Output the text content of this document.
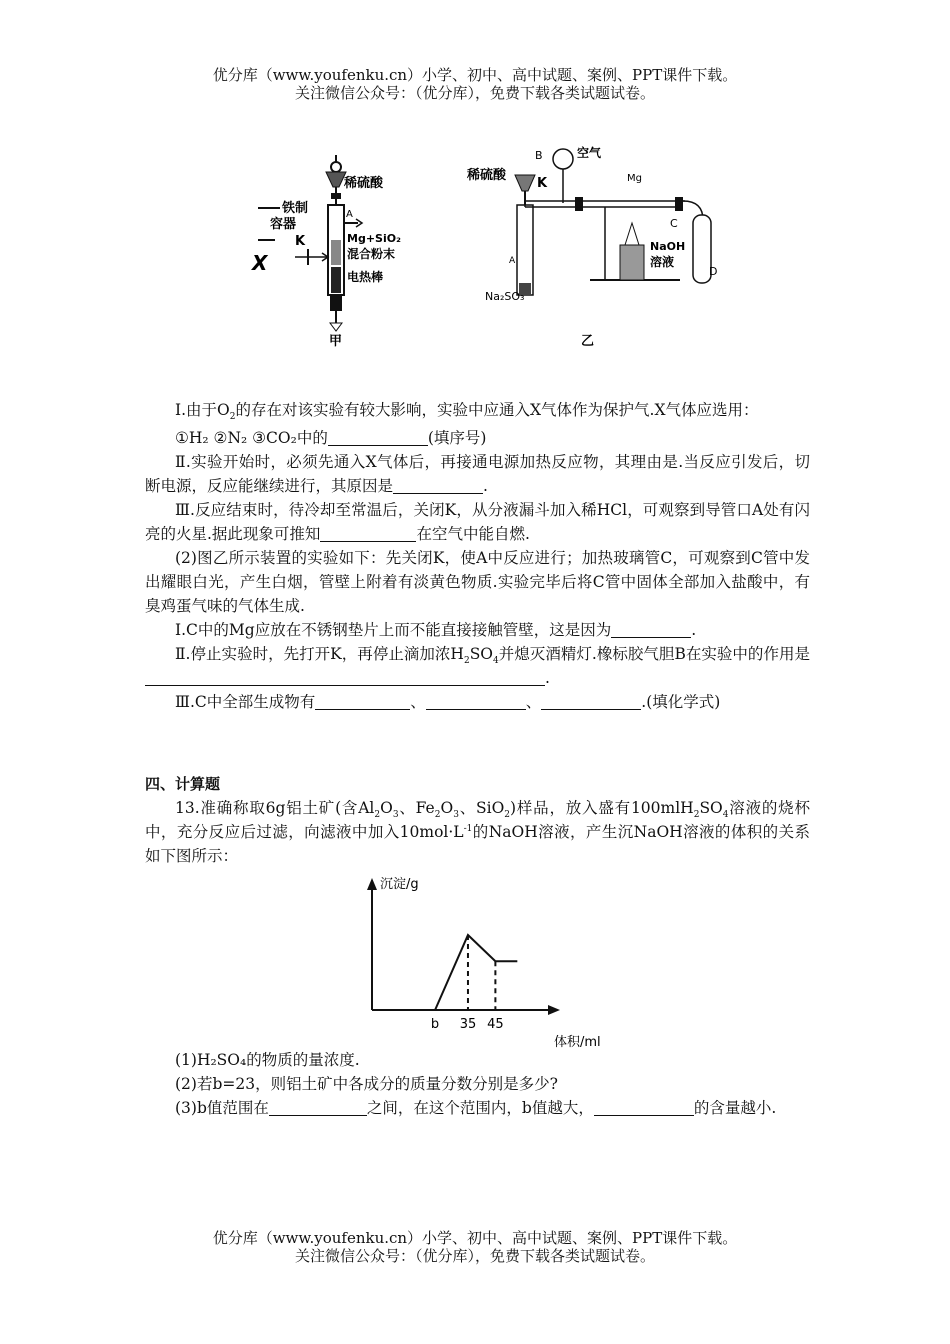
优分库（www.youfenku.cn）小学、初中、高中试题、案例、PPT课件下载。
关注微信公众号：（优分库），免费下载各类试题试卷。
稀硫酸
铁制
容器
A
Mg+SiO₂
混合粉末
K
X
电热棒
甲
B	空气
稀硫酸
K	Mg
C
NaOH
溶液
A
D
Na₂SO₃
乙

Ⅰ.由于$O_2$的存在对该实验有较大影响，实验中应通入X气体作为保护气.X气体应选用：

①H₂ ②N₂ ③CO₂中的	(填序号)

Ⅱ.实验开始时，必须先通入X气体后，再接通电源加热反应物，其理由是.当反应引发后，切断电源，反应能继续进行，其原因是	.

Ⅲ.反应结束时，待冷却至常温后，关闭K，从分液漏斗加入稀HCl，可观察到导管口A处有闪亮的火星.据此现象可推知	在空气中能自燃.

(2)图乙所示装置的实验如下：先关闭K，使A中反应进行；加热玻璃管C，可观察到C管中发出耀眼白光，产生白烟，管壁上附着有淡黄色物质.实验完毕后将C管中固体全部加入盐酸中，有臭鸡蛋气味的气体生成.

Ⅰ.C中的Mg应放在不锈钢垫片上而不能直接接触管壁，这是因为	.

Ⅱ.停止实验时，先打开K，再停止滴加浓$H_2SO_4$并熄灭酒精灯.橡标胶气胆B在实验中的作用是.

Ⅲ.C中全部生成物有	、	、	.(填化学式)

四、计算题

13.准确称取6g铝土矿(含$Al_2O_3$、$Fe_2O_3$、SiO$_2$)样品，放入盛有$100mlH_2SO_4$溶液的烧杯中，充分反应后过滤，向滤液中加入$10mol\cdot L^{-1}$的NaOH溶液，产生沉NaOH溶液的体积的关系如下图所示：

沉淀/g
体积/ml
b 35 45

(1)H₂SO₄的物质的量浓度.

(2)若b=23，则铝土矿中各成分的质量分数分别是多少?

(3)b值范围在	之间，在这个范围内，b值越大，	的含量越小.

优分库（www.youfenku.cn）小学、初中、高中试题、案例、PPT课件下载。
关注微信公众号：（优分库），免费下载各类试题试卷。
